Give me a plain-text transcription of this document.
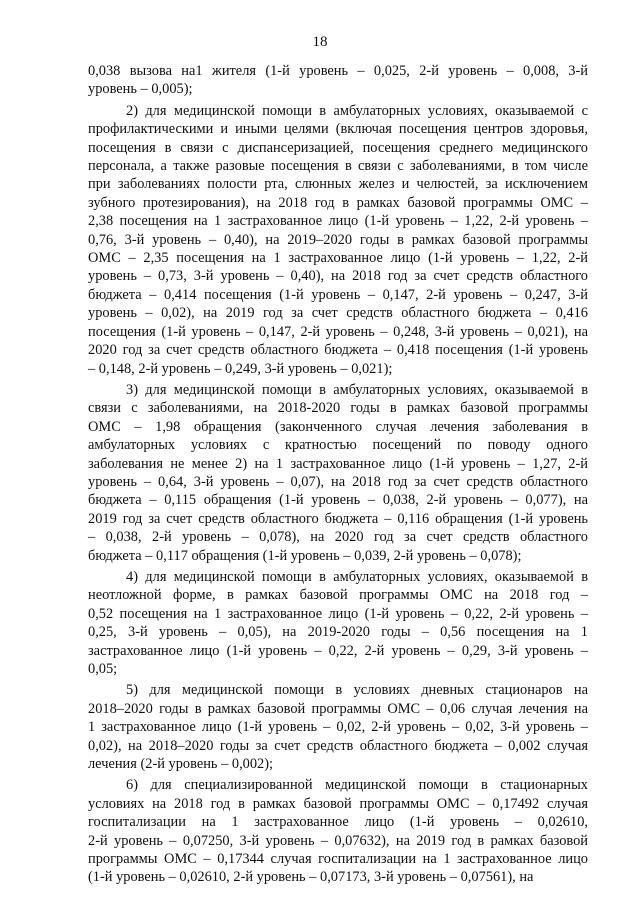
18
0,038 вызова на1 жителя (1-й уровень – 0,025, 2-й уровень – 0,008, 3-й
уровень – 0,005);
2) для медицинской помощи в амбулаторных условиях, оказываемой с
профилактическими и иными целями (включая посещения центров здоровья,
посещения в связи с диспансеризацией, посещения среднего медицинского
персонала, а также разовые посещения в связи с заболеваниями, в том числе
при заболеваниях полости рта, слюнных желез и челюстей, за исключением
зубного протезирования), на 2018 год в рамках базовой программы ОМС –
2,38 посещения на 1 застрахованное лицо (1-й уровень – 1,22, 2-й уровень –
0,76, 3-й уровень – 0,40), на 2019–2020 годы в рамках базовой программы
ОМС – 2,35 посещения на 1 застрахованное лицо (1-й уровень – 1,22, 2-й
уровень – 0,73, 3-й уровень – 0,40), на 2018 год за счет средств областного
бюджета – 0,414 посещения (1-й уровень – 0,147, 2-й уровень – 0,247, 3-й
уровень – 0,02), на 2019 год за счет средств областного бюджета – 0,416
посещения (1-й уровень – 0,147, 2-й уровень – 0,248, 3-й уровень – 0,021), на
2020 год за счет средств областного бюджета – 0,418 посещения (1-й уровень
– 0,148, 2-й уровень – 0,249, 3-й уровень – 0,021);
3) для медицинской помощи в амбулаторных условиях, оказываемой в
связи с заболеваниями, на 2018-2020 годы в рамках базовой программы
ОМС – 1,98 обращения (законченного случая лечения заболевания в
амбулаторных условиях с кратностью посещений по поводу одного
заболевания не менее 2) на 1 застрахованное лицо (1-й уровень – 1,27, 2-й
уровень – 0,64, 3-й уровень – 0,07), на 2018 год за счет средств областного
бюджета – 0,115 обращения (1-й уровень – 0,038, 2-й уровень – 0,077), на
2019 год за счет средств областного бюджета – 0,116 обращения (1-й уровень
– 0,038, 2-й уровень – 0,078), на 2020 год за счет средств областного
бюджета – 0,117 обращения (1-й уровень – 0,039, 2-й уровень – 0,078);
4) для медицинской помощи в амбулаторных условиях, оказываемой в
неотложной форме, в рамках базовой программы ОМС на 2018 год –
0,52 посещения на 1 застрахованное лицо (1-й уровень – 0,22, 2-й уровень –
0,25, 3-й уровень – 0,05), на 2019-2020 годы – 0,56 посещения на 1
застрахованное лицо (1-й уровень – 0,22, 2-й уровень – 0,29, 3-й уровень –
0,05;
5) для медицинской помощи в условиях дневных стационаров на
2018–2020 годы в рамках базовой программы ОМС – 0,06 случая лечения на
1 застрахованное лицо (1-й уровень – 0,02, 2-й уровень – 0,02, 3-й уровень –
0,02), на 2018–2020 годы за счет средств областного бюджета – 0,002 случая
лечения (2-й уровень – 0,002);
6) для специализированной медицинской помощи в стационарных
условиях на 2018 год в рамках базовой программы ОМС – 0,17492 случая
госпитализации на 1 застрахованное лицо (1-й уровень – 0,02610,
2-й уровень – 0,07250, 3-й уровень – 0,07632), на 2019 год в рамках базовой
программы ОМС – 0,17344 случая госпитализации на 1 застрахованное лицо
(1-й уровень – 0,02610, 2-й уровень – 0,07173, 3-й уровень – 0,07561), на
